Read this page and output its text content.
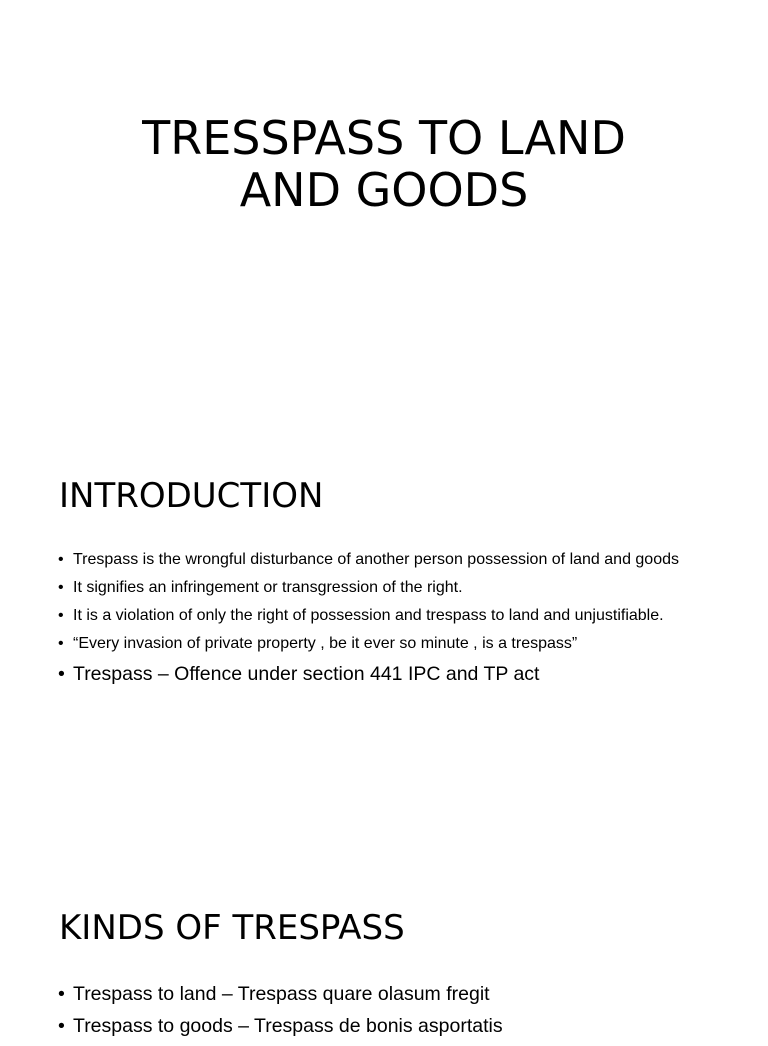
TRESSPASS TO LAND
AND GOODS
INTRODUCTION
• Trespass is the wrongful disturbance of another person possession of land and goods
• It signifies an infringement or transgression of the right.
• It is a violation of only the right of possession and trespass to land and unjustifiable.
• “Every invasion of private property , be it ever so minute , is a trespass”
• Trespass – Offence under section 441 IPC and TP act
KINDS OF TRESPASS
• Trespass to land – Trespass quare olasum fregit
• Trespass to goods – Trespass de bonis asportatis
